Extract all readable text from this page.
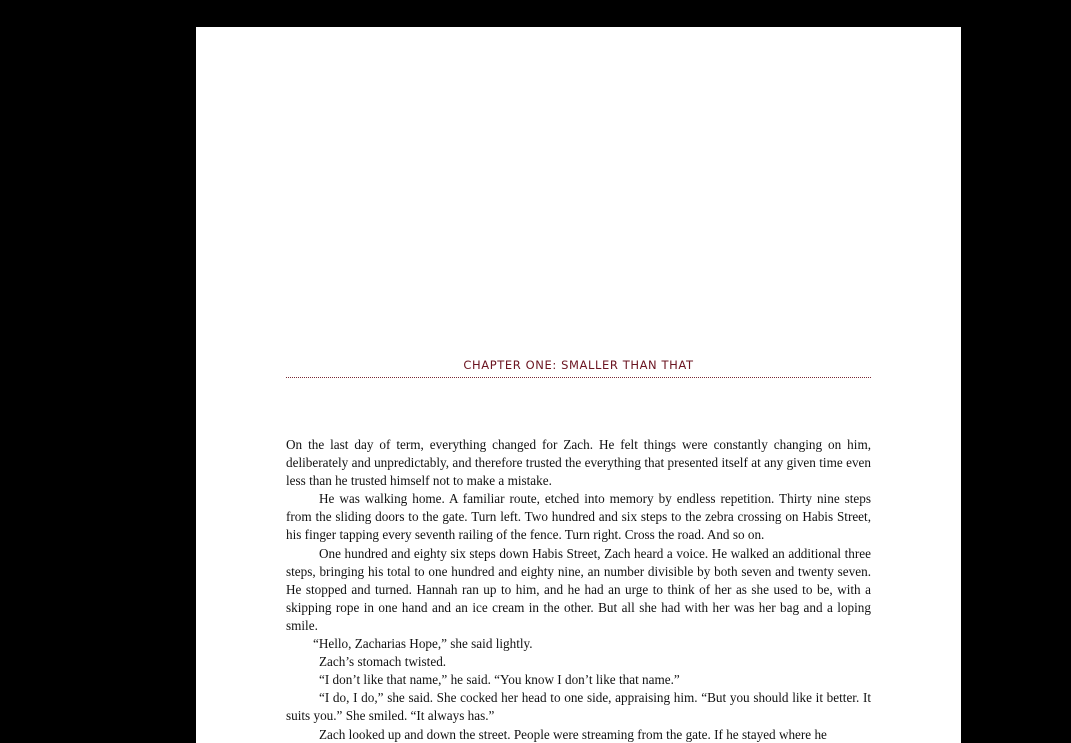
CHAPTER ONE: SMALLER THAN THAT

On the last day of term, everything changed for Zach. He felt things were constantly changing on him, deliberately and unpredictably, and therefore trusted the everything that presented itself at any given time even less than he trusted himself not to make a mistake.

He was walking home. A familiar route, etched into memory by endless repetition. Thirty nine steps from the sliding doors to the gate. Turn left. Two hundred and six steps to the zebra crossing on Habis Street, his finger tapping every seventh railing of the fence. Turn right. Cross the road. And so on.

One hundred and eighty six steps down Habis Street, Zach heard a voice. He walked an additional three steps, bringing his total to one hundred and eighty nine, an number divisible by both seven and twenty seven. He stopped and turned. Hannah ran up to him, and he had an urge to think of her as she used to be, with a skipping rope in one hand and an ice cream in the other. But all she had with her was her bag and a loping smile.

“Hello, Zacharias Hope,” she said lightly.

Zach’s stomach twisted.

“I don’t like that name,” he said. “You know I don’t like that name.”

“I do, I do,” she said. She cocked her head to one side, appraising him. “But you should like it better. It suits you.” She smiled. “It always has.”

Zach looked up and down the street. People were streaming from the gate. If he stayed where he
